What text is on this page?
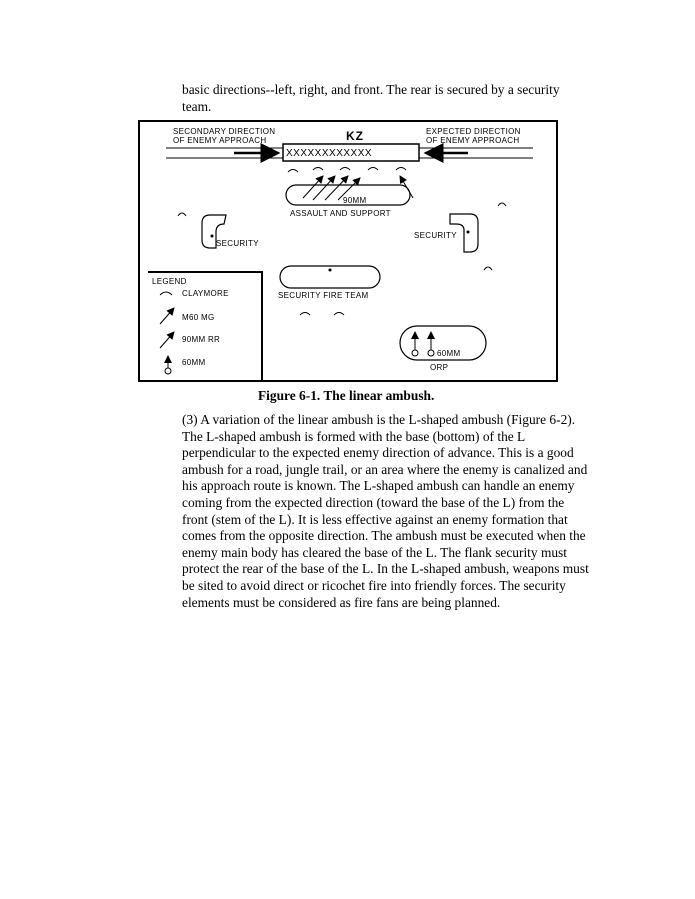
basic directions--left, right, and front. The rear is secured by a security team.

SECONDARY DIRECTION
OF ENEMY APPROACH
EXPECTED DIRECTION
OF ENEMY APPROACH
KZ
XXXXXXXXXXXX
90MM
ASSAULT AND SUPPORT
SECURITY
SECURITY
SECURITY FIRE TEAM
60MM
ORP
LEGEND
CLAYMORE
M60 MG
90MM RR
60MM

Figure 6-1. The linear ambush.

(3) A variation of the linear ambush is the L-shaped ambush (Figure 6-2). The L-shaped ambush is formed with the base (bottom) of the L perpendicular to the expected enemy direction of advance. This is a good ambush for a road, jungle trail, or an area where the enemy is canalized and his approach route is known. The L-shaped ambush can handle an enemy coming from the expected direction (toward the base of the L) from the front (stem of the L). It is less effective against an enemy formation that comes from the opposite direction. The ambush must be executed when the enemy main body has cleared the base of the L. The flank security must protect the rear of the base of the L. In the L-shaped ambush, weapons must be sited to avoid direct or ricochet fire into friendly forces. The security elements must be considered as fire fans are being planned.
